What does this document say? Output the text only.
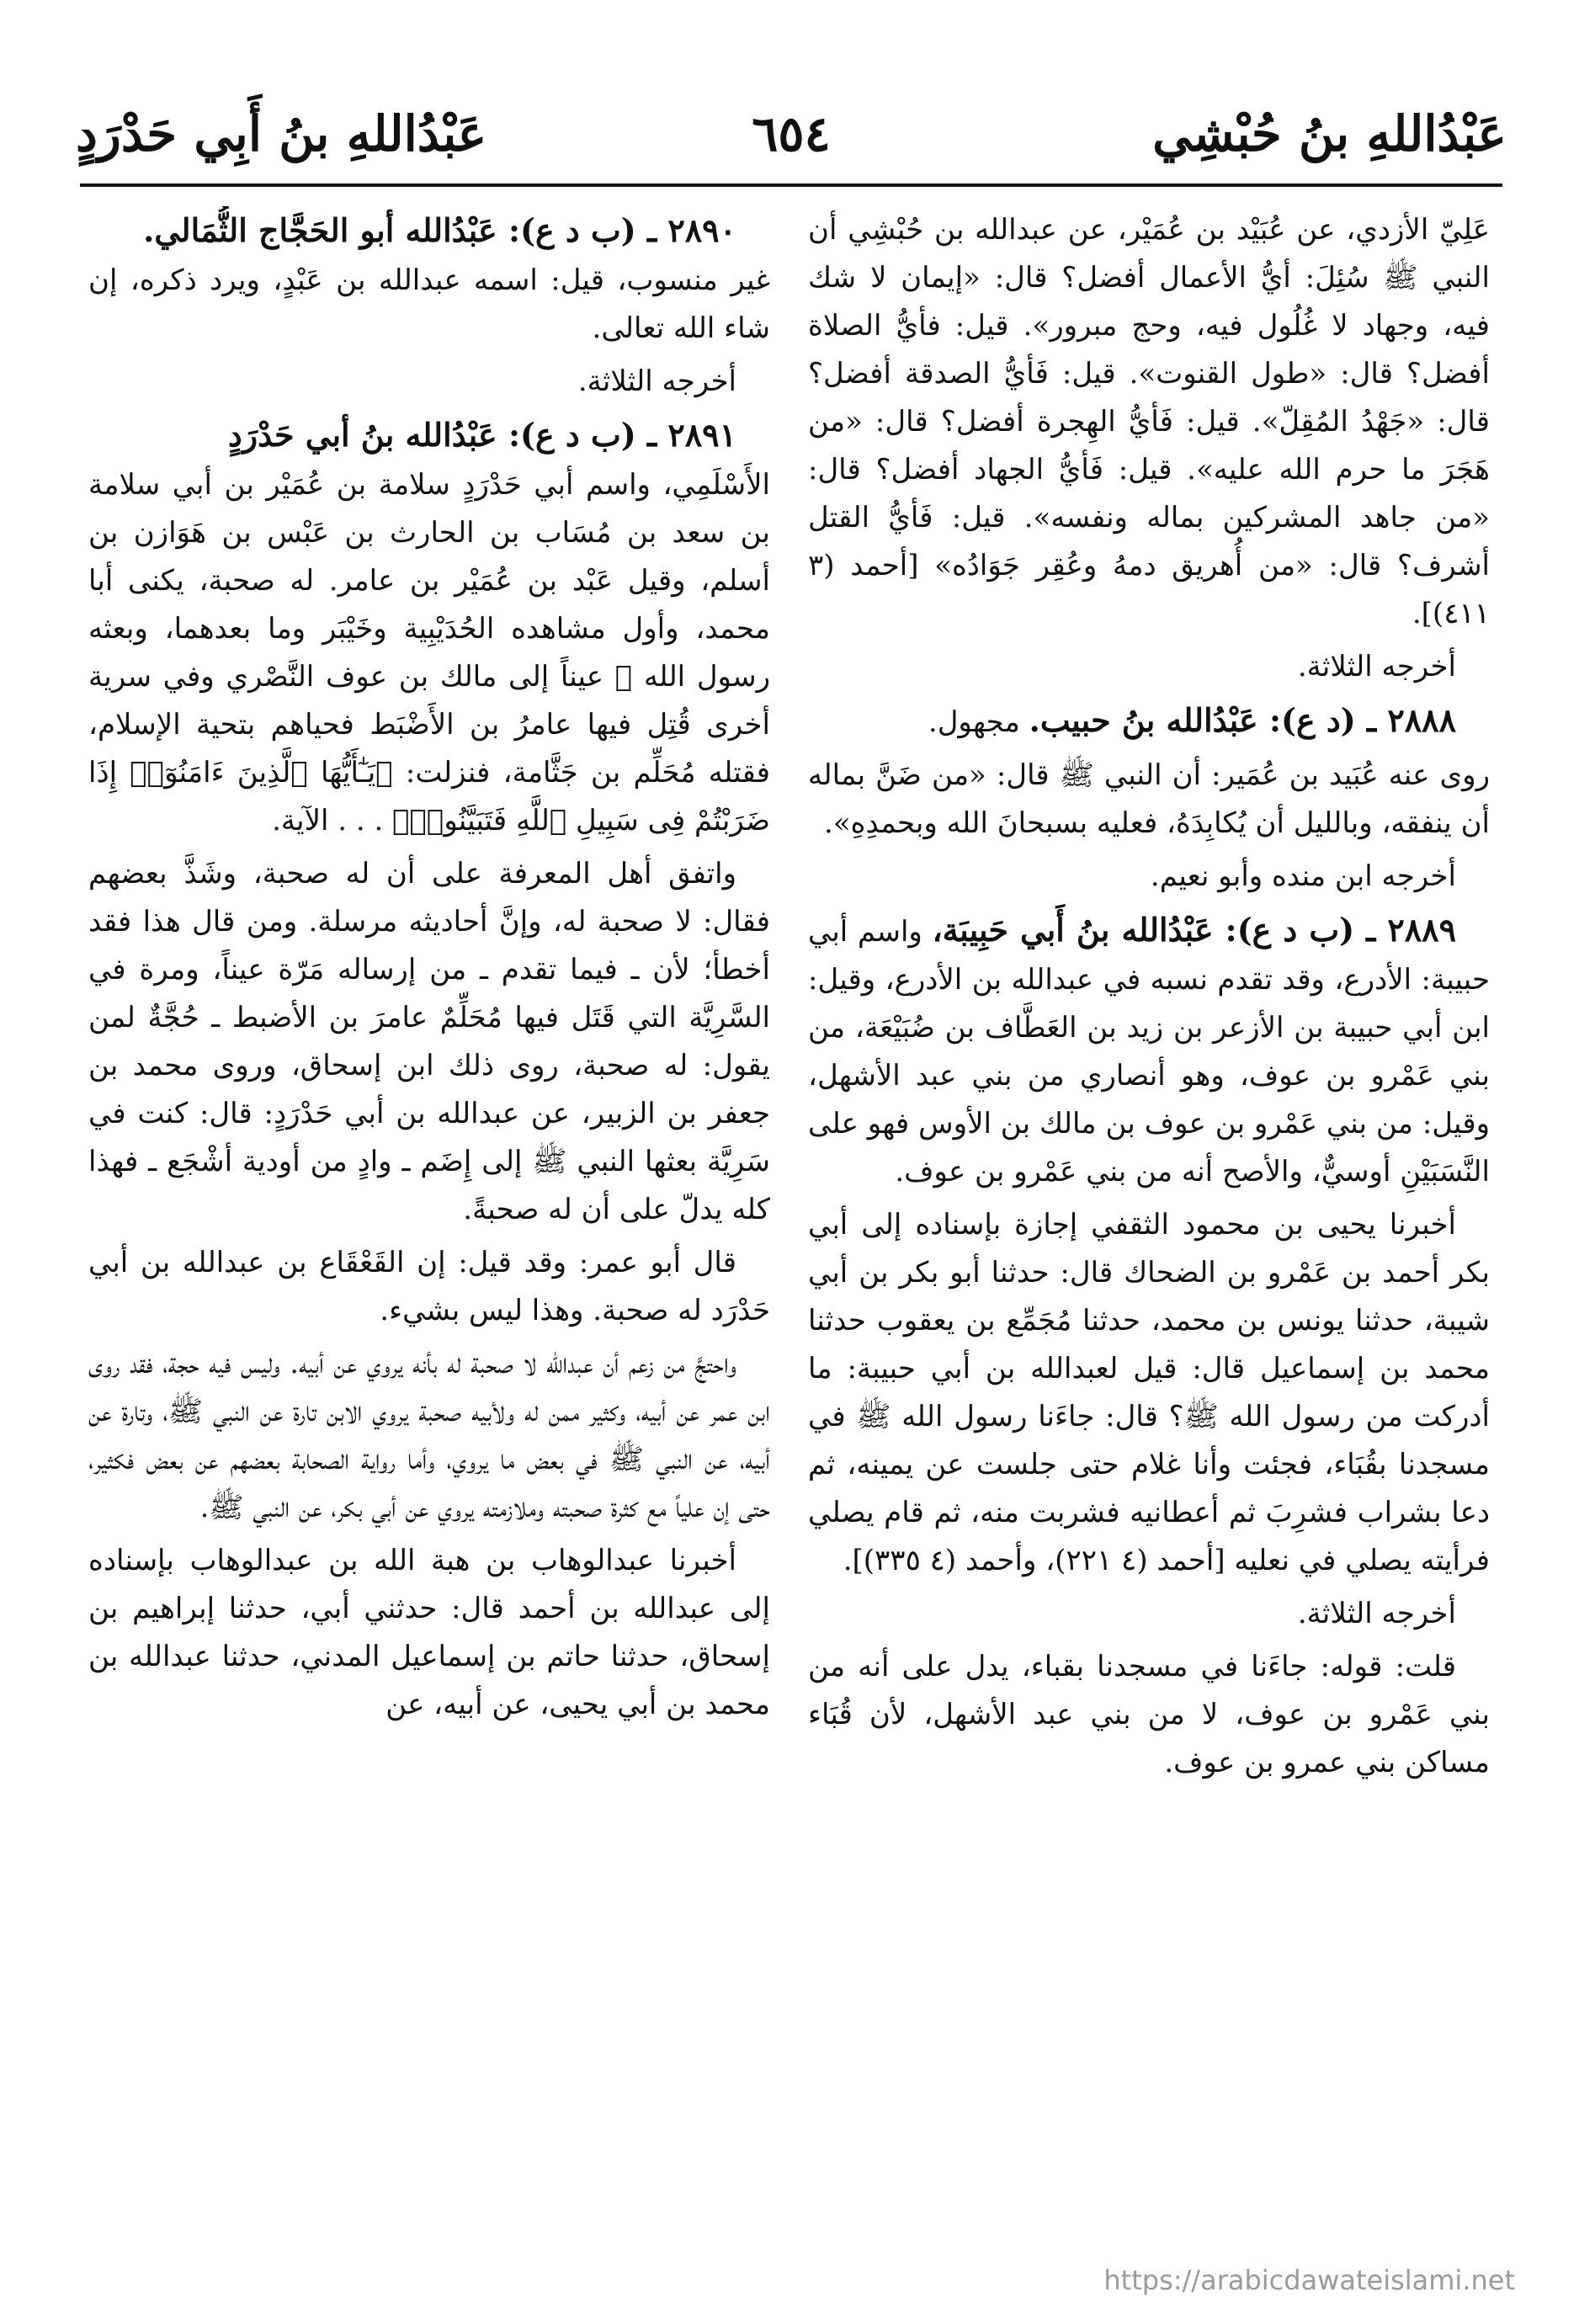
عَبْدُاللهِ بنُ حُبْشِي
٦٥٤
عَبْدُاللهِ بنُ أَبِي حَدْرَدٍ

عَلِيّ الأزدي، عن عُبَيْد بن عُمَيْر، عن عبدالله بن حُبْشِي أن النبي ﷺ سُئِلَ: أيُّ الأعمال أفضل؟ قال: «إيمان لا شك فيه، وجهاد لا غُلُول فيه، وحج مبرور». قيل: فأيُّ الصلاة أفضل؟ قال: «طول القنوت». قيل: فَأيُّ الصدقة أفضل؟ قال: «جَهْدُ المُقِلّ». قيل: فَأيُّ الهِجرة أفضل؟ قال: «من هَجَرَ ما حرم الله عليه». قيل: فَأيُّ الجهاد أفضل؟ قال: «من جاهد المشركين بماله ونفسه». قيل: فَأيُّ القتل أشرف؟ قال: «من أُهريق دمهُ وعُقِر جَوَادُه» [أحمد (٣ ٤١١)].

أخرجه الثلاثة.

٢٨٨٨ ـ (د ع): عَبْدُالله بنُ حبيب. مجهول.

روى عنه عُبَيد بن عُمَير: أن النبي ﷺ قال: «من ضَنَّ بماله أن ينفقه، وبالليل أن يُكابِدَهُ، فعليه بسبحانَ الله وبحمدِهِ».

أخرجه ابن منده وأبو نعيم.

٢٨٨٩ ـ (ب د ع): عَبْدُالله بنُ أَبي حَبِيبَة، واسم أبي حبيبة: الأدرع، وقد تقدم نسبه في عبدالله بن الأدرع، وقيل: ابن أبي حبيبة بن الأزعر بن زيد بن العَطَّاف بن ضُبَيْعَة، من بني عَمْرو بن عوف، وهو أنصاري من بني عبد الأشهل، وقيل: من بني عَمْرو بن عوف بن مالك بن الأوس فهو على النَّسَبَيْنِ أوسيٌّ، والأصح أنه من بني عَمْرو بن عوف.

أخبرنا يحيى بن محمود الثقفي إجازة بإسناده إلى أبي بكر أحمد بن عَمْرو بن الضحاك قال: حدثنا أبو بكر بن أبي شيبة، حدثنا يونس بن محمد، حدثنا مُجَمِّع بن يعقوب حدثنا محمد بن إسماعيل قال: قيل لعبدالله بن أبي حبيبة: ما أدركت من رسول الله ﷺ؟ قال: جاءَنا رسول الله ﷺ في مسجدنا بقُبَاء، فجئت وأنا غلام حتى جلست عن يمينه، ثم دعا بشراب فشرِبَ ثم أعطانيه فشربت منه، ثم قام يصلي فرأيته يصلي في نعليه [أحمد (٤ ٢٢١)، وأحمد (٤ ٣٣٥)].

أخرجه الثلاثة.

قلت: قوله: جاءَنا في مسجدنا بقباء، يدل على أنه من بني عَمْرو بن عوف، لا من بني عبد الأشهل، لأن قُبَاء مساكن بني عمرو بن عوف.

٢٨٩٠ ـ (ب د ع): عَبْدُالله أبو الحَجَّاج الثُّمَالي.
غير منسوب، قيل: اسمه عبدالله بن عَبْدٍ، ويرد ذكره، إن شاء الله تعالى.

أخرجه الثلاثة.

٢٨٩١ ـ (ب د ع): عَبْدُالله بنُ أبي حَدْرَدٍ
الأَسْلَمِي، واسم أبي حَدْرَدٍ سلامة بن عُمَيْر بن أبي سلامة بن سعد بن مُسَاب بن الحارث بن عَبْس بن هَوَازن بن أسلم، وقيل عَبْد بن عُمَيْر بن عامر. له صحبة، يكنى أبا محمد، وأول مشاهده الحُدَيْبِية وخَيْبَر وما بعدهما، وبعثه رسول الله ﷺ عيناً إلى مالك بن عوف النَّصْري وفي سرية أخرى قُتِل فيها عامرُ بن الأَضْبَط فحياهم بتحية الإسلام، فقتله مُحَلِّم بن جَثَّامة، فنزلت: ﴿يَـٰٓأَيُّهَا ٱلَّذِينَ ءَامَنُوٓا۟ إِذَا ضَرَبْتُمْ فِى سَبِيلِ ٱللَّهِ فَتَبَيَّنُوا۟﴾ . . . الآية.

واتفق أهل المعرفة على أن له صحبة، وشَذَّ بعضهم فقال: لا صحبة له، وإنَّ أحاديثه مرسلة. ومن قال هذا فقد أخطأ؛ لأن ـ فيما تقدم ـ من إرساله مَرّة عيناً، ومرة في السَّرِيَّة التي قَتَل فيها مُحَلِّمٌ عامرَ بن الأضبط ـ حُجَّةٌ لمن يقول: له صحبة، روى ذلك ابن إسحاق، وروى محمد بن جعفر بن الزبير، عن عبدالله بن أبي حَدْرَدٍ: قال: كنت في سَرِيَّة بعثها النبي ﷺ إلى إِضَم ـ وادٍ من أودية أشْجَع ـ فهذا كله يدلّ على أن له صحبةً.

قال أبو عمر: وقد قيل: إن القَعْقَاع بن عبدالله بن أبي حَدْرَد له صحبة. وهذا ليس بشيء.

واحتجَّ من زعم أن عبدالله لا صحبة له بأنه يروي عن أبيه. وليس فيه حجة، فقد روى ابن عمر عن أبيه، وكثير ممن له ولأبيه صحبة يروي الابن تارة عن النبي ﷺ، وتارة عن أبيه، عن النبي ﷺ في بعض ما يروي، وأما رواية الصحابة بعضهم عن بعض فكثير، حتى إن علياً مع كثرة صحبته وملازمته يروي عن أبي بكر، عن النبي ﷺ.

أخبرنا عبدالوهاب بن هبة الله بن عبدالوهاب بإسناده إلى عبدالله بن أحمد قال: حدثني أبي، حدثنا إبراهيم بن إسحاق، حدثنا حاتم بن إسماعيل المدني، حدثنا عبدالله بن محمد بن أبي يحيى، عن أبيه، عن

https://arabicdawateislami.net
